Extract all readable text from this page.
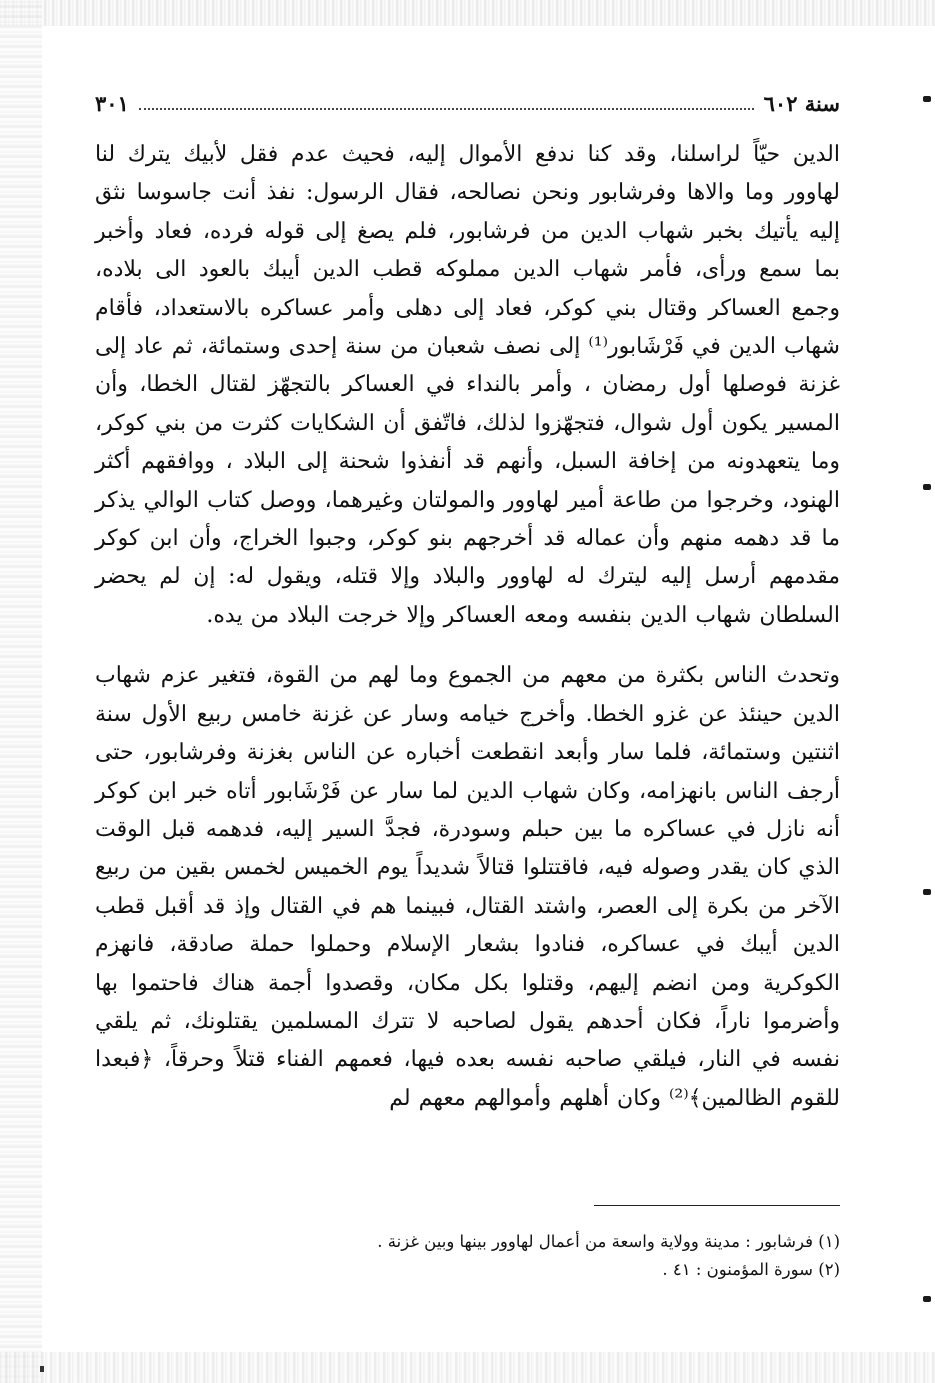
سنة ٦٠٢
٣٠١

الدين حيّاً لراسلنا، وقد كنا ندفع الأموال إليه، فحيث عدم فقل لأبيك يترك لنا لهاوور وما والاها وفرشابور ونحن نصالحه، فقال الرسول: نفذ أنت جاسوسا نثق إليه يأتيك بخبر شهاب الدين من فرشابور، فلم يصغ إلى قوله فرده، فعاد وأخبر بما سمع ورأى، فأمر شهاب الدين مملوكه قطب الدين أيبك بالعود الى بلاده، وجمع العساكر وقتال بني كوكر، فعاد إلى دهلى وأمر عساكره بالاستعداد، فأقام شهاب الدين في فَرْشَابور⁽¹⁾ إلى نصف شعبان من سنة إحدى وستمائة، ثم عاد إلى غزنة فوصلها أول رمضان ، وأمر بالنداء في العساكر بالتجهّز لقتال الخطا، وأن المسير يكون أول شوال، فتجهّزوا لذلك، فاتّفق أن الشكايات كثرت من بني كوكر، وما يتعهدونه من إخافة السبل، وأنهم قد أنفذوا شحنة إلى البلاد ، ووافقهم أكثر الهنود، وخرجوا من طاعة أمير لهاوور والمولتان وغيرهما، ووصل كتاب الوالي يذكر ما قد دهمه منهم وأن عماله قد أخرجهم بنو كوكر، وجبوا الخراج، وأن ابن كوكر مقدمهم أرسل إليه ليترك له لهاوور والبلاد وإلا قتله، ويقول له: إن لم يحضر السلطان شهاب الدين بنفسه ومعه العساكر وإلا خرجت البلاد من يده.

وتحدث الناس بكثرة من معهم من الجموع وما لهم من القوة، فتغير عزم شهاب الدين حينئذ عن غزو الخطا. وأخرج خيامه وسار عن غزنة خامس ربيع الأول سنة اثنتين وستمائة، فلما سار وأبعد انقطعت أخباره عن الناس بغزنة وفرشابور، حتى أرجف الناس بانهزامه، وكان شهاب الدين لما سار عن فَرْشَابور أتاه خبر ابن كوكر أنه نازل في عساكره ما بين حبلم وسودرة، فجدَّ السير إليه، فدهمه قبل الوقت الذي كان يقدر وصوله فيه، فاقتتلوا قتالاً شديداً يوم الخميس لخمس بقين من ربيع الآخر من بكرة إلى العصر، واشتد القتال، فبينما هم في القتال وإذ قد أقبل قطب الدين أيبك في عساكره، فنادوا بشعار الإسلام وحملوا حملة صادقة، فانهزم الكوكرية ومن انضم إليهم، وقتلوا بكل مكان، وقصدوا أجمة هناك فاحتموا بها وأضرموا ناراً، فكان أحدهم يقول لصاحبه لا تترك المسلمين يقتلونك، ثم يلقي نفسه في النار، فيلقي صاحبه نفسه بعده فيها، فعمهم الفناء قتلاً وحرقاً، ﴿فبعدا للقوم الظالمين﴾⁽²⁾ وكان أهلهم وأموالهم معهم لم

(١) فرشابور : مدينة وولاية واسعة من أعمال لهاوور بينها وبين غزنة .

(٢) سورة المؤمنون : ٤١ .
